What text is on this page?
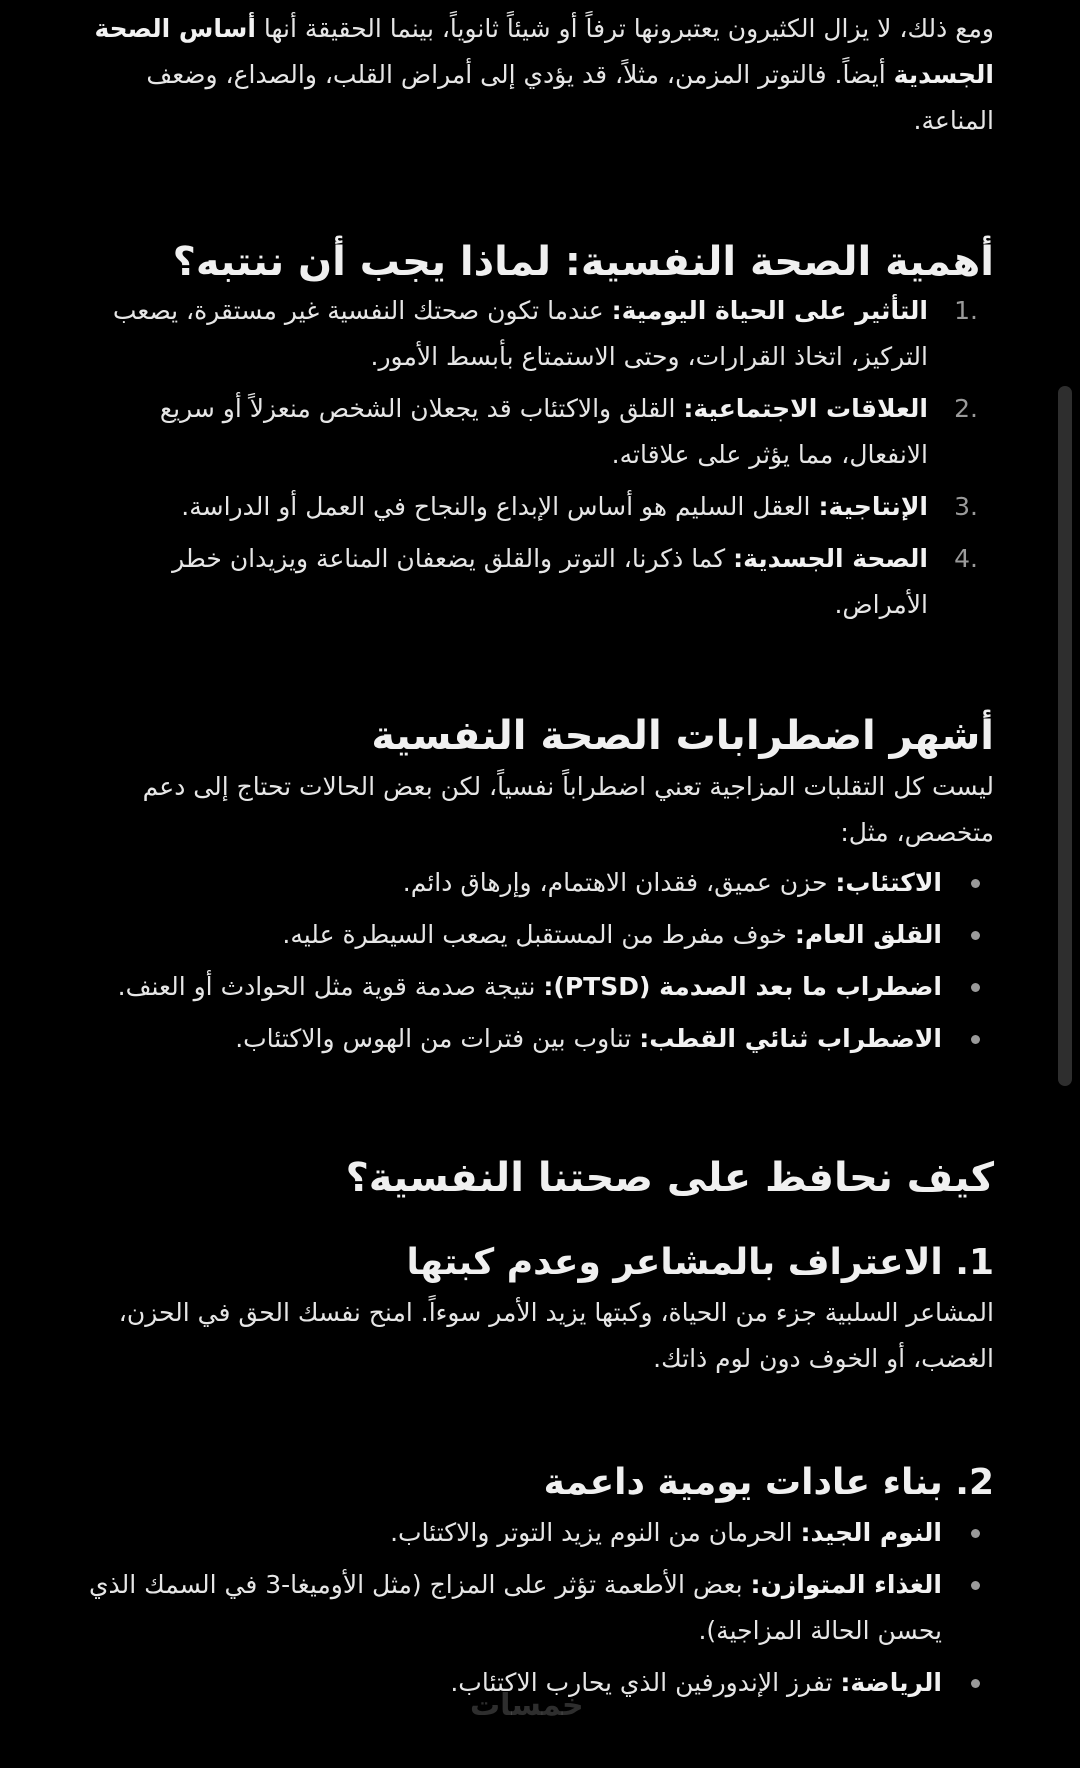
ومع ذلك، لا يزال الكثيرون يعتبرونها ترفاً أو شيئاً ثانوياً، بينما الحقيقة أنها أساس الصحة الجسدية أيضاً. فالتوتر المزمن، مثلاً، قد يؤدي إلى أمراض القلب، والصداع، وضعف المناعة.

أهمية الصحة النفسية: لماذا يجب أن ننتبه؟
1.
التأثير على الحياة اليومية: عندما تكون صحتك النفسية غير مستقرة، يصعب التركيز، اتخاذ القرارات، وحتى الاستمتاع بأبسط الأمور.
2.
العلاقات الاجتماعية: القلق والاكتئاب قد يجعلان الشخص منعزلاً أو سريع الانفعال، مما يؤثر على علاقاته.
3.
الإنتاجية: العقل السليم هو أساس الإبداع والنجاح في العمل أو الدراسة.
4.
الصحة الجسدية: كما ذكرنا، التوتر والقلق يضعفان المناعة ويزيدان خطر الأمراض.
أشهر اضطرابات الصحة النفسية

ليست كل التقلبات المزاجية تعني اضطراباً نفسياً، لكن بعض الحالات تحتاج إلى دعم متخصص، مثل:

الاكتئاب: حزن عميق، فقدان الاهتمام، وإرهاق دائم.
القلق العام: خوف مفرط من المستقبل يصعب السيطرة عليه.
اضطراب ما بعد الصدمة (PTSD): نتيجة صدمة قوية مثل الحوادث أو العنف.
الاضطراب ثنائي القطب: تناوب بين فترات من الهوس والاكتئاب.
كيف نحافظ على صحتنا النفسية؟
1. الاعتراف بالمشاعر وعدم كبتها

المشاعر السلبية جزء من الحياة، وكبتها يزيد الأمر سوءاً. امنح نفسك الحق في الحزن، الغضب، أو الخوف دون لوم ذاتك.

2. بناء عادات يومية داعمة
النوم الجيد: الحرمان من النوم يزيد التوتر والاكتئاب.
الغذاء المتوازن: بعض الأطعمة تؤثر على المزاج (مثل الأوميغا-3 في السمك الذي يحسن الحالة المزاجية).
الرياضة: تفرز الإندورفين الذي يحارب الاكتئاب.
خمسات
